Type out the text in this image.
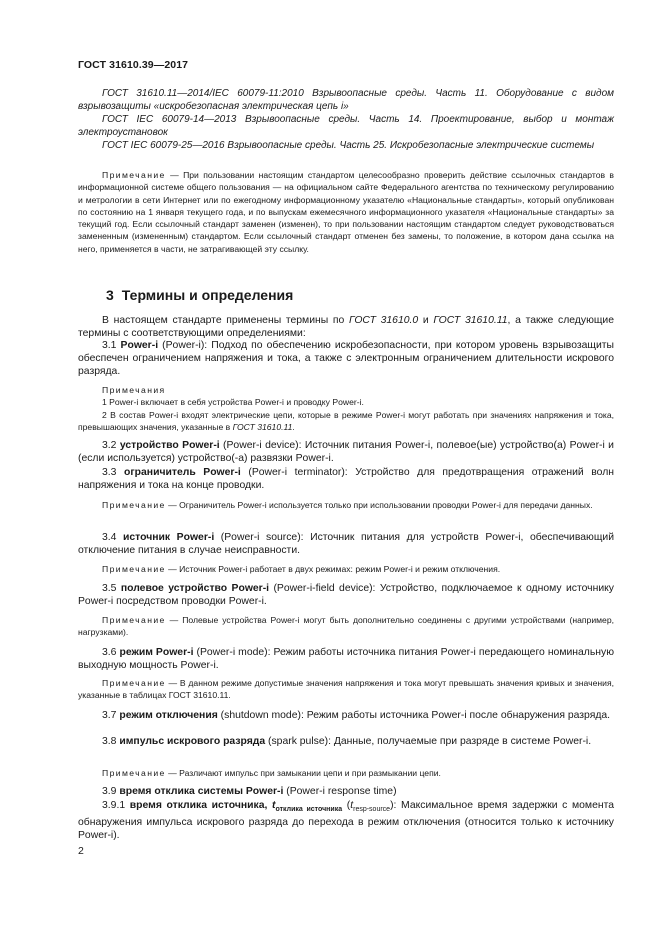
ГОСТ 31610.39—2017
ГОСТ 31610.11—2014/IEC 60079-11:2010 Взрывоопасные среды. Часть 11. Оборудование с видом взрывозащиты «искробезопасная электрическая цепь i»
ГОСТ IEC 60079-14—2013 Взрывоопасные среды. Часть 14. Проектирование, выбор и монтаж электроустановок
ГОСТ IEC 60079-25—2016 Взрывоопасные среды. Часть 25. Искробезопасные электрические системы
Примечание — При пользовании настоящим стандартом целесообразно проверить действие ссылочных стандартов в информационной системе общего пользования — на официальном сайте Федерального агентства по техническому регулированию и метрологии в сети Интернет или по ежегодному информационному указателю «Национальные стандарты», который опубликован по состоянию на 1 января текущего года, и по выпускам ежемесячного информационного указателя «Национальные стандарты» за текущий год. Если ссылочный стандарт заменен (изменен), то при пользовании настоящим стандартом следует руководствоваться замененным (измененным) стандартом. Если ссылочный стандарт отменен без замены, то положение, в котором дана ссылка на него, применяется в части, не затрагивающей эту ссылку.
3 Термины и определения
В настоящем стандарте применены термины по ГОСТ 31610.0 и ГОСТ 31610.11, а также следующие термины с соответствующими определениями:
3.1 Power-i (Power-i): Подход по обеспечению искробезопасности, при котором уровень взрывозащиты обеспечен ограничением напряжения и тока, а также с электронным ограничением длительности искрового разряда.
Примечания
1 Power-i включает в себя устройства Power-i и проводку Power-i.
2 В состав Power-i входят электрические цепи, которые в режиме Power-i могут работать при значениях напряжения и тока, превышающих значения, указанные в ГОСТ 31610.11.
3.2 устройство Power-i (Power-i device): Источник питания Power-i, полевое(ые) устройство(а) Power-i и (если используется) устройство(-а) развязки Power-i.
3.3 ограничитель Power-i (Power-i terminator): Устройство для предотвращения отражений волн напряжения и тока на конце проводки.
Примечание — Ограничитель Power-i используется только при использовании проводки Power-i для передачи данных.
3.4 источник Power-i (Power-i source): Источник питания для устройств Power-i, обеспечивающий отключение питания в случае неисправности.
Примечание — Источник Power-i работает в двух режимах: режим Power-i и режим отключения.
3.5 полевое устройство Power-i (Power-i-field device): Устройство, подключаемое к одному источнику Power-i посредством проводки Power-i.
Примечание — Полевые устройства Power-i могут быть дополнительно соединены с другими устройствами (например, нагрузками).
3.6 режим Power-i (Power-i mode): Режим работы источника питания Power-i передающего номинальную выходную мощность Power-i.
Примечание — В данном режиме допустимые значения напряжения и тока могут превышать значения кривых и значения, указанные в таблицах ГОСТ 31610.11.
3.7 режим отключения (shutdown mode): Режим работы источника Power-i после обнаружения разряда.
3.8 импульс искрового разряда (spark pulse): Данные, получаемые при разряде в системе Power-i.
Примечание — Различают импульс при замыкании цепи и при размыкании цепи.
3.9 время отклика системы Power-i (Power-i response time)
3.9.1 время отклика источника, $t_{отклика источника}$ $(t_{resp-source})$: Максимальное время задержки с момента обнаружения импульса искрового разряда до перехода в режим отключения (относится только к источнику Power-i).
2
